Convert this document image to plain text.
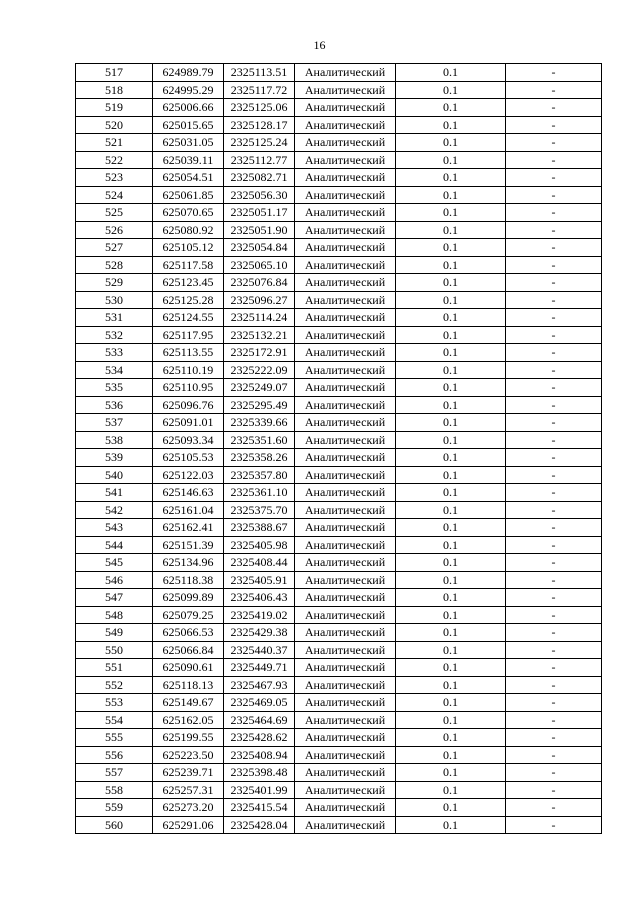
16
517	624989.79	2325113.51	Аналитический	0.1	-
518	624995.29	2325117.72	Аналитический	0.1	-
519	625006.66	2325125.06	Аналитический	0.1	-
520	625015.65	2325128.17	Аналитический	0.1	-
521	625031.05	2325125.24	Аналитический	0.1	-
522	625039.11	2325112.77	Аналитический	0.1	-
523	625054.51	2325082.71	Аналитический	0.1	-
524	625061.85	2325056.30	Аналитический	0.1	-
525	625070.65	2325051.17	Аналитический	0.1	-
526	625080.92	2325051.90	Аналитический	0.1	-
527	625105.12	2325054.84	Аналитический	0.1	-
528	625117.58	2325065.10	Аналитический	0.1	-
529	625123.45	2325076.84	Аналитический	0.1	-
530	625125.28	2325096.27	Аналитический	0.1	-
531	625124.55	2325114.24	Аналитический	0.1	-
532	625117.95	2325132.21	Аналитический	0.1	-
533	625113.55	2325172.91	Аналитический	0.1	-
534	625110.19	2325222.09	Аналитический	0.1	-
535	625110.95	2325249.07	Аналитический	0.1	-
536	625096.76	2325295.49	Аналитический	0.1	-
537	625091.01	2325339.66	Аналитический	0.1	-
538	625093.34	2325351.60	Аналитический	0.1	-
539	625105.53	2325358.26	Аналитический	0.1	-
540	625122.03	2325357.80	Аналитический	0.1	-
541	625146.63	2325361.10	Аналитический	0.1	-
542	625161.04	2325375.70	Аналитический	0.1	-
543	625162.41	2325388.67	Аналитический	0.1	-
544	625151.39	2325405.98	Аналитический	0.1	-
545	625134.96	2325408.44	Аналитический	0.1	-
546	625118.38	2325405.91	Аналитический	0.1	-
547	625099.89	2325406.43	Аналитический	0.1	-
548	625079.25	2325419.02	Аналитический	0.1	-
549	625066.53	2325429.38	Аналитический	0.1	-
550	625066.84	2325440.37	Аналитический	0.1	-
551	625090.61	2325449.71	Аналитический	0.1	-
552	625118.13	2325467.93	Аналитический	0.1	-
553	625149.67	2325469.05	Аналитический	0.1	-
554	625162.05	2325464.69	Аналитический	0.1	-
555	625199.55	2325428.62	Аналитический	0.1	-
556	625223.50	2325408.94	Аналитический	0.1	-
557	625239.71	2325398.48	Аналитический	0.1	-
558	625257.31	2325401.99	Аналитический	0.1	-
559	625273.20	2325415.54	Аналитический	0.1	-
560	625291.06	2325428.04	Аналитический	0.1	-
